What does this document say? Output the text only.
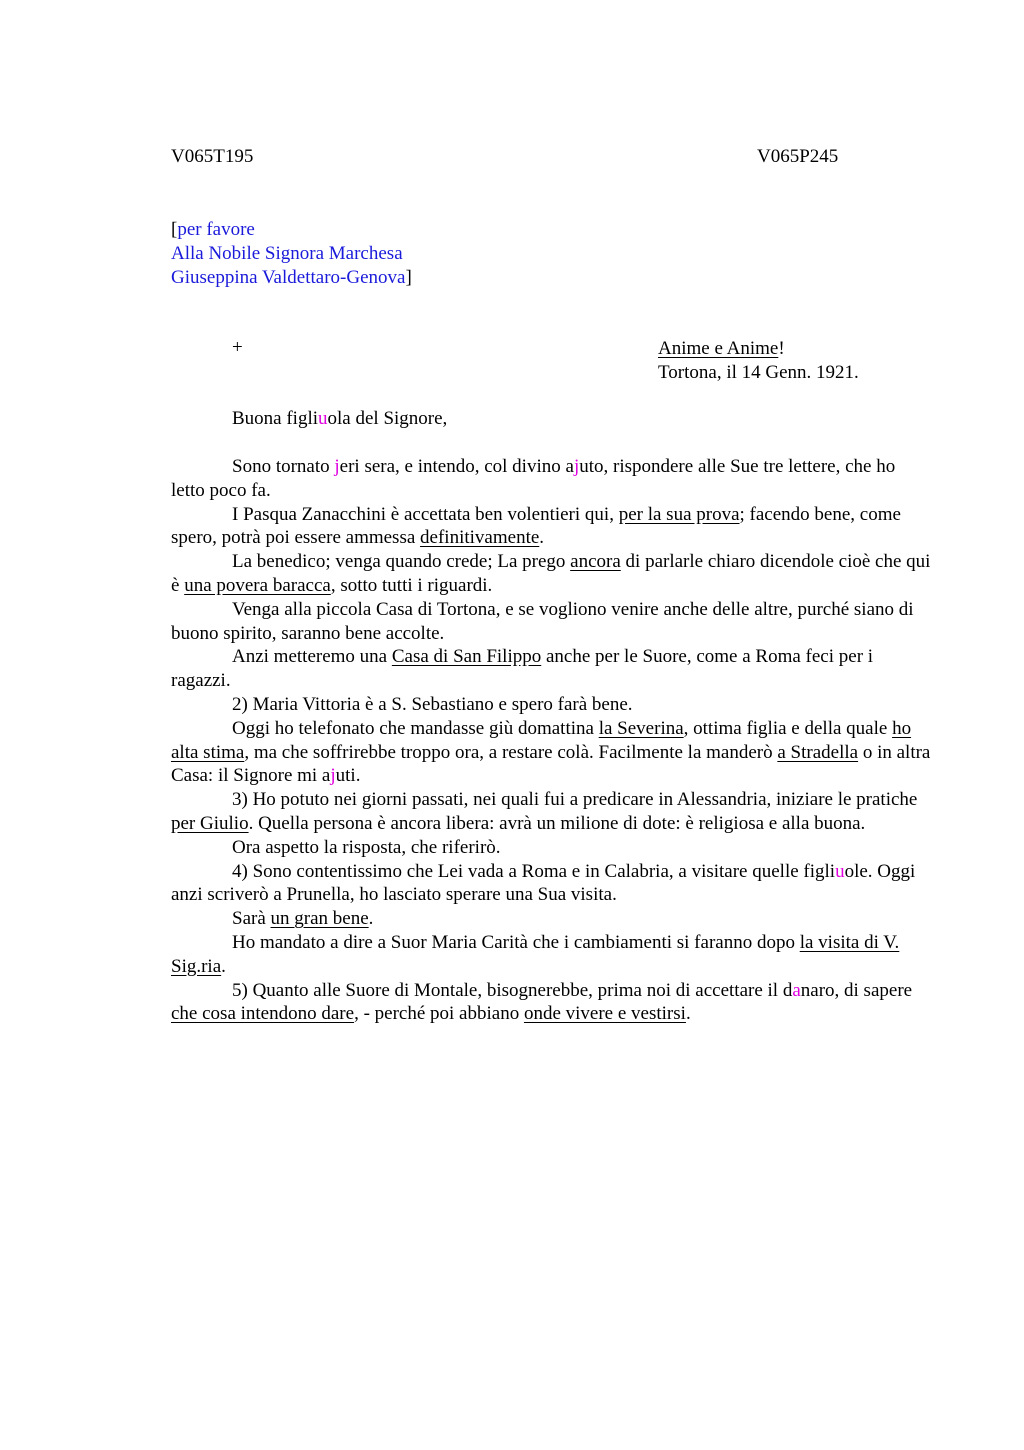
V065T195	V065P245
[per favore
Alla Nobile Signora Marchesa
Giuseppina Valdettaro-Genova]
+	Anime e Anime!
Tortona, il 14 Genn. 1921.
Buona figliuola del Signore,

Sono tornato jeri sera, e intendo, col divino ajuto, rispondere alle Sue tre lettere, che ho letto poco fa.

I Pasqua Zanacchini è accettata ben volentieri qui, per la sua prova; facendo bene, come spero, potrà poi essere ammessa definitivamente.

La benedico; venga quando crede; La prego ancora di parlarle chiaro dicendole cioè che qui è una povera baracca, sotto tutti i riguardi.

Venga alla piccola Casa di Tortona, e se vogliono venire anche delle altre, purché siano di buono spirito, saranno bene accolte.

Anzi metteremo una Casa di San Filippo anche per le Suore, come a Roma feci per i ragazzi.

2) Maria Vittoria è a S. Sebastiano e spero farà bene.

Oggi ho telefonato che mandasse giù domattina la Severina, ottima figlia e della quale ho alta stima, ma che soffrirebbe troppo ora, a restare colà. Facilmente la manderò a Stradella o in altra Casa: il Signore mi ajuti.

3) Ho potuto nei giorni passati, nei quali fui a predicare in Alessandria, iniziare le pratiche per Giulio. Quella persona è ancora libera: avrà un milione di dote: è religiosa e alla buona.

Ora aspetto la risposta, che riferirò.

4) Sono contentissimo che Lei vada a Roma e in Calabria, a visitare quelle figliuole. Oggi anzi scriverò a Prunella, ho lasciato sperare una Sua visita.

Sarà un gran bene.

Ho mandato a dire a Suor Maria Carità che i cambiamenti si faranno dopo la visita di V. Sig.ria.

5) Quanto alle Suore di Montale, bisognerebbe, prima noi di accettare il danaro, di sapere che cosa intendono dare, - perché poi abbiano onde vivere e vestirsi.
